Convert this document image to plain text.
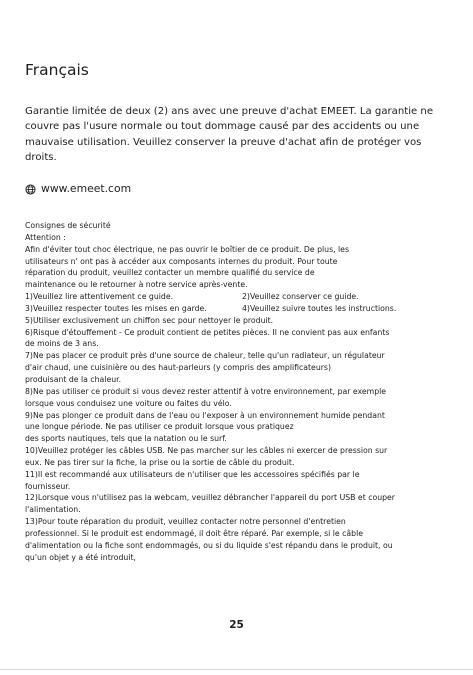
Français

Garantie limitée de deux (2) ans avec une preuve d'achat EMEET. La garantie ne couvre pas l'usure normale ou tout dommage causé par des accidents ou une mauvaise utilisation. Veuillez conserver la preuve d'achat afin de protéger vos droits.

www.emeet.com

Consignes de sécurité

Attention :

Afin d'éviter tout choc électrique, ne pas ouvrir le boîtier de ce produit. De plus, les

utilisateurs n' ont pas à accéder aux composants internes du produit. Pour toute

réparation du produit, veuillez contacter un membre qualifié du service de

maintenance ou le retourner à notre service après-vente.

1)Veuillez lire attentivement ce guide.	2)Veuillez conserver ce guide.
3)Veuillez respecter toutes les mises en garde.	4)Veuillez suivre toutes les instructions.

5)Utiliser exclusivement un chiffon sec pour nettoyer le produit.

6)Risque d'étouffement - Ce produit contient de petites pièces. Il ne convient pas aux enfants

de moins de 3 ans.

7)Ne pas placer ce produit près d'une source de chaleur, telle qu'un radiateur, un régulateur

d'air chaud, une cuisinière ou des haut-parleurs (y compris des amplificateurs)

produisant de la chaleur.

8)Ne pas utiliser ce produit si vous devez rester attentif à votre environnement, par exemple

lorsque vous conduisez une voiture ou faites du vélo.

9)Ne pas plonger ce produit dans de l'eau ou l'exposer à un environnement humide pendant

une longue période. Ne pas utiliser ce produit lorsque vous pratiquez

des sports nautiques, tels que la natation ou le surf.

10)Veuillez protéger les câbles USB. Ne pas marcher sur les câbles ni exercer de pression sur

eux. Ne pas tirer sur la fiche, la prise ou la sortie de câble du produit.

11)Il est recommandé aux utilisateurs de n'utiliser que les accessoires spécifiés par le

fournisseur.

12)Lorsque vous n'utilisez pas la webcam, veuillez débrancher l'appareil du port USB et couper

l'alimentation.

13)Pour toute réparation du produit, veuillez contacter notre personnel d'entretien

professionnel. Si le produit est endommagé, il doit être réparé. Par exemple, si le câble

d'alimentation ou la fiche sont endommagés, ou si du liquide s'est répandu dans le produit, ou

qu'un objet y a été introduit,

25
